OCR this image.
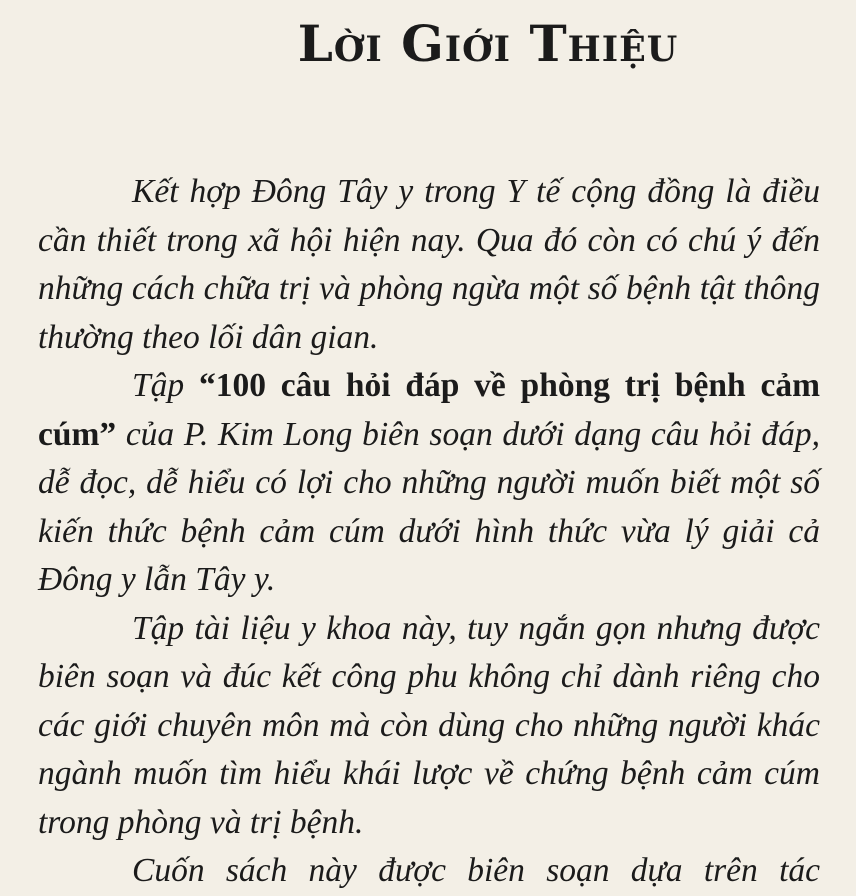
Lời Giới Thiệu

Kết hợp Đông Tây y trong Y tế cộng đồng là điều cần thiết trong xã hội hiện nay. Qua đó còn có chú ý đến những cách chữa trị và phòng ngừa một số bệnh tật thông thường theo lối dân gian.

Tập “100 câu hỏi đáp về phòng trị bệnh cảm cúm” của P. Kim Long biên soạn dưới dạng câu hỏi đáp, dễ đọc, dễ hiểu có lợi cho những người muốn biết một số kiến thức bệnh cảm cúm dưới hình thức vừa lý giải cả Đông y lẫn Tây y.

Tập tài liệu y khoa này, tuy ngắn gọn nhưng được biên soạn và đúc kết công phu không chỉ dành riêng cho các giới chuyên môn mà còn dùng cho những người khác ngành muốn tìm hiểu khái lược về chứng bệnh cảm cúm trong phòng và trị bệnh.

Cuốn sách này được biên soạn dựa trên tác
